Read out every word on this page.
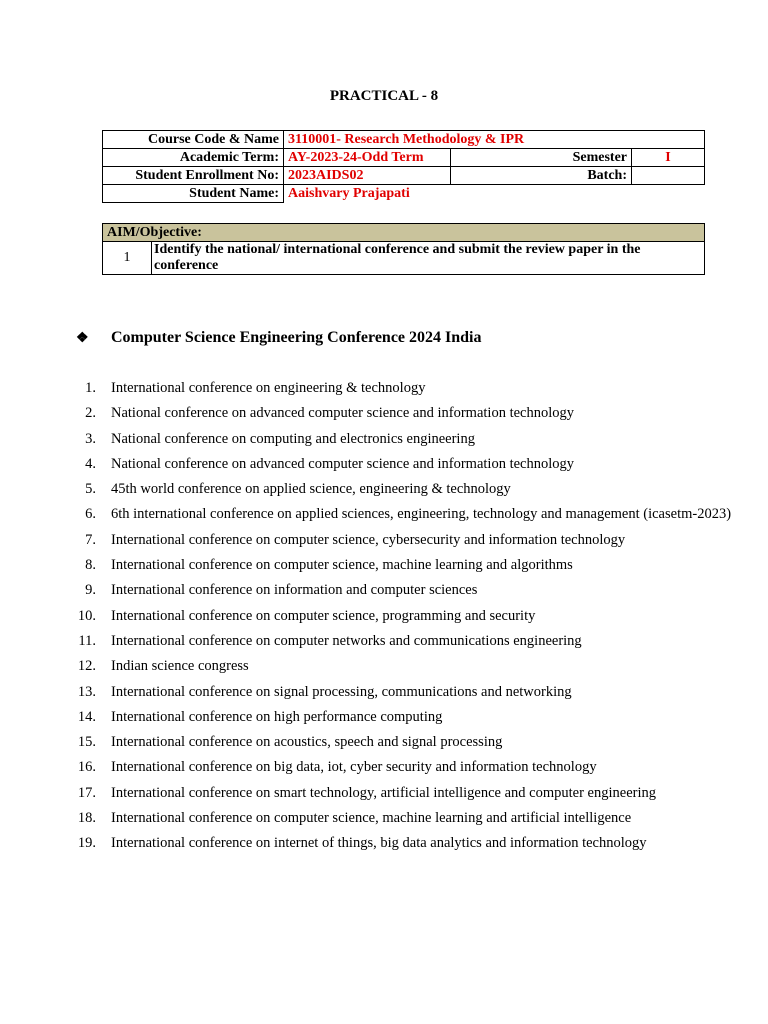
PRACTICAL - 8
Course Code & Name	3110001- Research Methodology & IPR		
Academic Term:	AY-2023-24-Odd Term	Semester	I
Student Enrollment No:	2023AIDS02	Batch:	
Student Name:	Aaishvary Prajapati		
AIM/Objective:
1	Identify the national/ international conference and submit the review paper in the conference
❖ Computer Science Engineering Conference 2024 India
1. International conference on engineering & technology
2. National conference on advanced computer science and information technology
3. National conference on computing and electronics engineering
4. National conference on advanced computer science and information technology
5. 45th world conference on applied science, engineering & technology
6. 6th international conference on applied sciences, engineering, technology and management (icasetm-2023)
7. International conference on computer science, cybersecurity and information technology
8. International conference on computer science, machine learning and algorithms
9. International conference on information and computer sciences
10. International conference on computer science, programming and security
11. International conference on computer networks and communications engineering
12. Indian science congress
13. International conference on signal processing, communications and networking
14. International conference on high performance computing
15. International conference on acoustics, speech and signal processing
16. International conference on big data, iot, cyber security and information technology
17. International conference on smart technology, artificial intelligence and computer engineering
18. International conference on computer science, machine learning and artificial intelligence
19. International conference on internet of things, big data analytics and information technology
